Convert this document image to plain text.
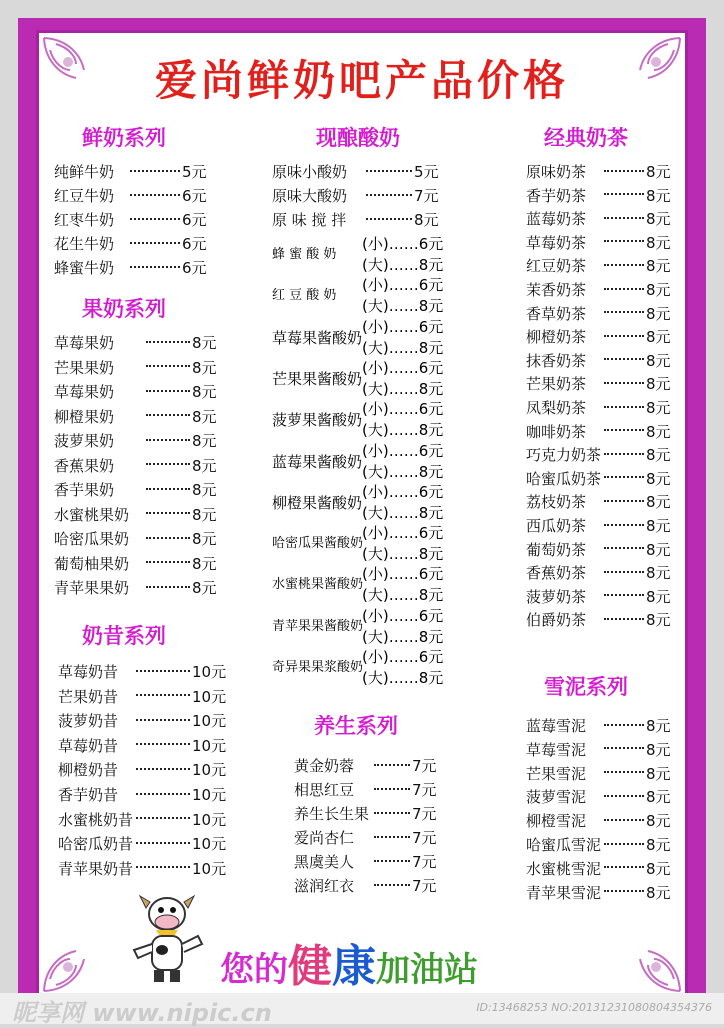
爱尚鲜奶吧产品价格
鲜奶系列
纯鲜牛奶	5元
红豆牛奶	6元
红枣牛奶	6元
花生牛奶	6元
蜂蜜牛奶	6元
果奶系列
草莓果奶	8元
芒果果奶	8元
草莓果奶	8元
柳橙果奶	8元
菠萝果奶	8元
香蕉果奶	8元
香芋果奶	8元
水蜜桃果奶	8元
哈密瓜果奶	8元
葡萄柚果奶	8元
青苹果果奶	8元
奶昔系列
草莓奶昔	10元
芒果奶昔	10元
菠萝奶昔	10元
草莓奶昔	10元
柳橙奶昔	10元
香芋奶昔	10元
水蜜桃奶昔	10元
哈密瓜奶昔	10元
青苹果奶昔	10元
现酿酸奶
原味小酸奶	5元
原味大酸奶	7元
原 味 搅 拌	8元
蜂 蜜 酸 奶
(小)……6元
(大)……8元
红 豆 酸 奶
(小)……6元
(大)……8元
草莓果酱酸奶
(小)……6元
(大)……8元
芒果果酱酸奶
(小)……6元
(大)……8元
菠萝果酱酸奶
(小)……6元
(大)……8元
蓝莓果酱酸奶
(小)……6元
(大)……8元
柳橙果酱酸奶
(小)……6元
(大)……8元
哈密瓜果酱酸奶
(小)……6元
(大)……8元
水蜜桃果酱酸奶
(小)……6元
(大)……8元
青苹果果酱酸奶
(小)……6元
(大)……8元
奇异果果浆酸奶
(小)……6元
(大)……8元
养生系列
黄金奶蓉	7元
相思红豆	7元
养生长生果	7元
爱尚杏仁	7元
黑虞美人	7元
滋润红衣	7元
经典奶茶
原味奶茶	8元
香芋奶茶	8元
蓝莓奶茶	8元
草莓奶茶	8元
红豆奶茶	8元
茉香奶茶	8元
香草奶茶	8元
柳橙奶茶	8元
抹香奶茶	8元
芒果奶茶	8元
凤梨奶茶	8元
咖啡奶茶	8元
巧克力奶茶	8元
哈蜜瓜奶茶	8元
荔枝奶茶	8元
西瓜奶茶	8元
葡萄奶茶	8元
香蕉奶茶	8元
菠萝奶茶	8元
伯爵奶茶	8元
雪泥系列
蓝莓雪泥	8元
草莓雪泥	8元
芒果雪泥	8元
菠萝雪泥	8元
柳橙雪泥	8元
哈蜜瓜雪泥	8元
水蜜桃雪泥	8元
青苹果雪泥	8元
您的健康加油站
昵享网 www.nipic.cn	ID:13468253 NO:20131231080804354376
